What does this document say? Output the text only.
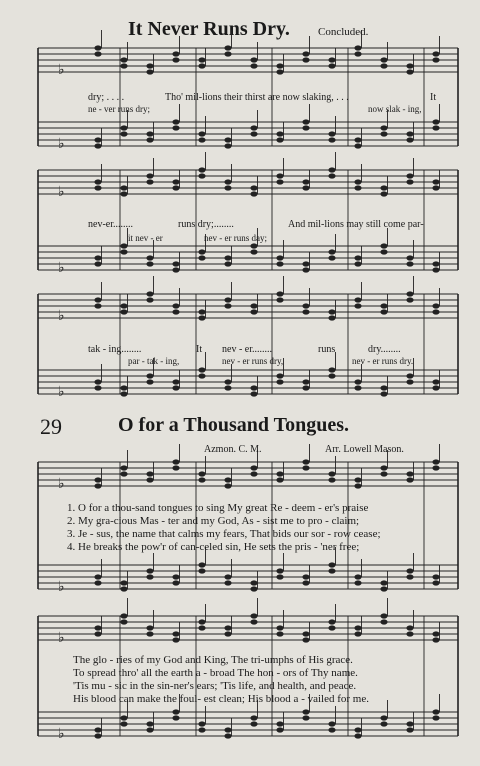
It Never Runs Dry.	Concluded.
♭
♭
♭
♭
♭
♭
♭
♭
♭
♭
dry; . . . .	Tho' mil-lions their thirst are now slaking, . . .	It
ne - ver runs dry;	now slak - ing,
nev-er........	runs dry;........	And mil-lions may still come par-
it nev - er	nev - er runs day;
tak - ing........	It nev - er........	runs	dry........
par - tak - ing,	nev - er runs dry,	nev - er runs dry.
29	O for a Thousand Tongues.
Azmon. C. M.	Arr. Lowell Mason.
1. O for a thou-sand tongues to sing My great Re - deem - er's praise
2. My gra-cious Mas - ter and my God, As - sist me to pro - claim;
3. Je - sus, the name that calms my fears, That bids our sor - row cease;
4. He breaks the pow'r of can-celed sin, He sets the pris - 'ner free;
The glo - ries of my God and King, The tri-umphs of His grace.
To spread thro' all the earth a - broad The hon - ors of Thy name.
'Tis mu - sic in the sin-ner's ears; 'Tis life, and health, and peace.
His blood can make the foul- est clean; His blood a - vailed for me.
